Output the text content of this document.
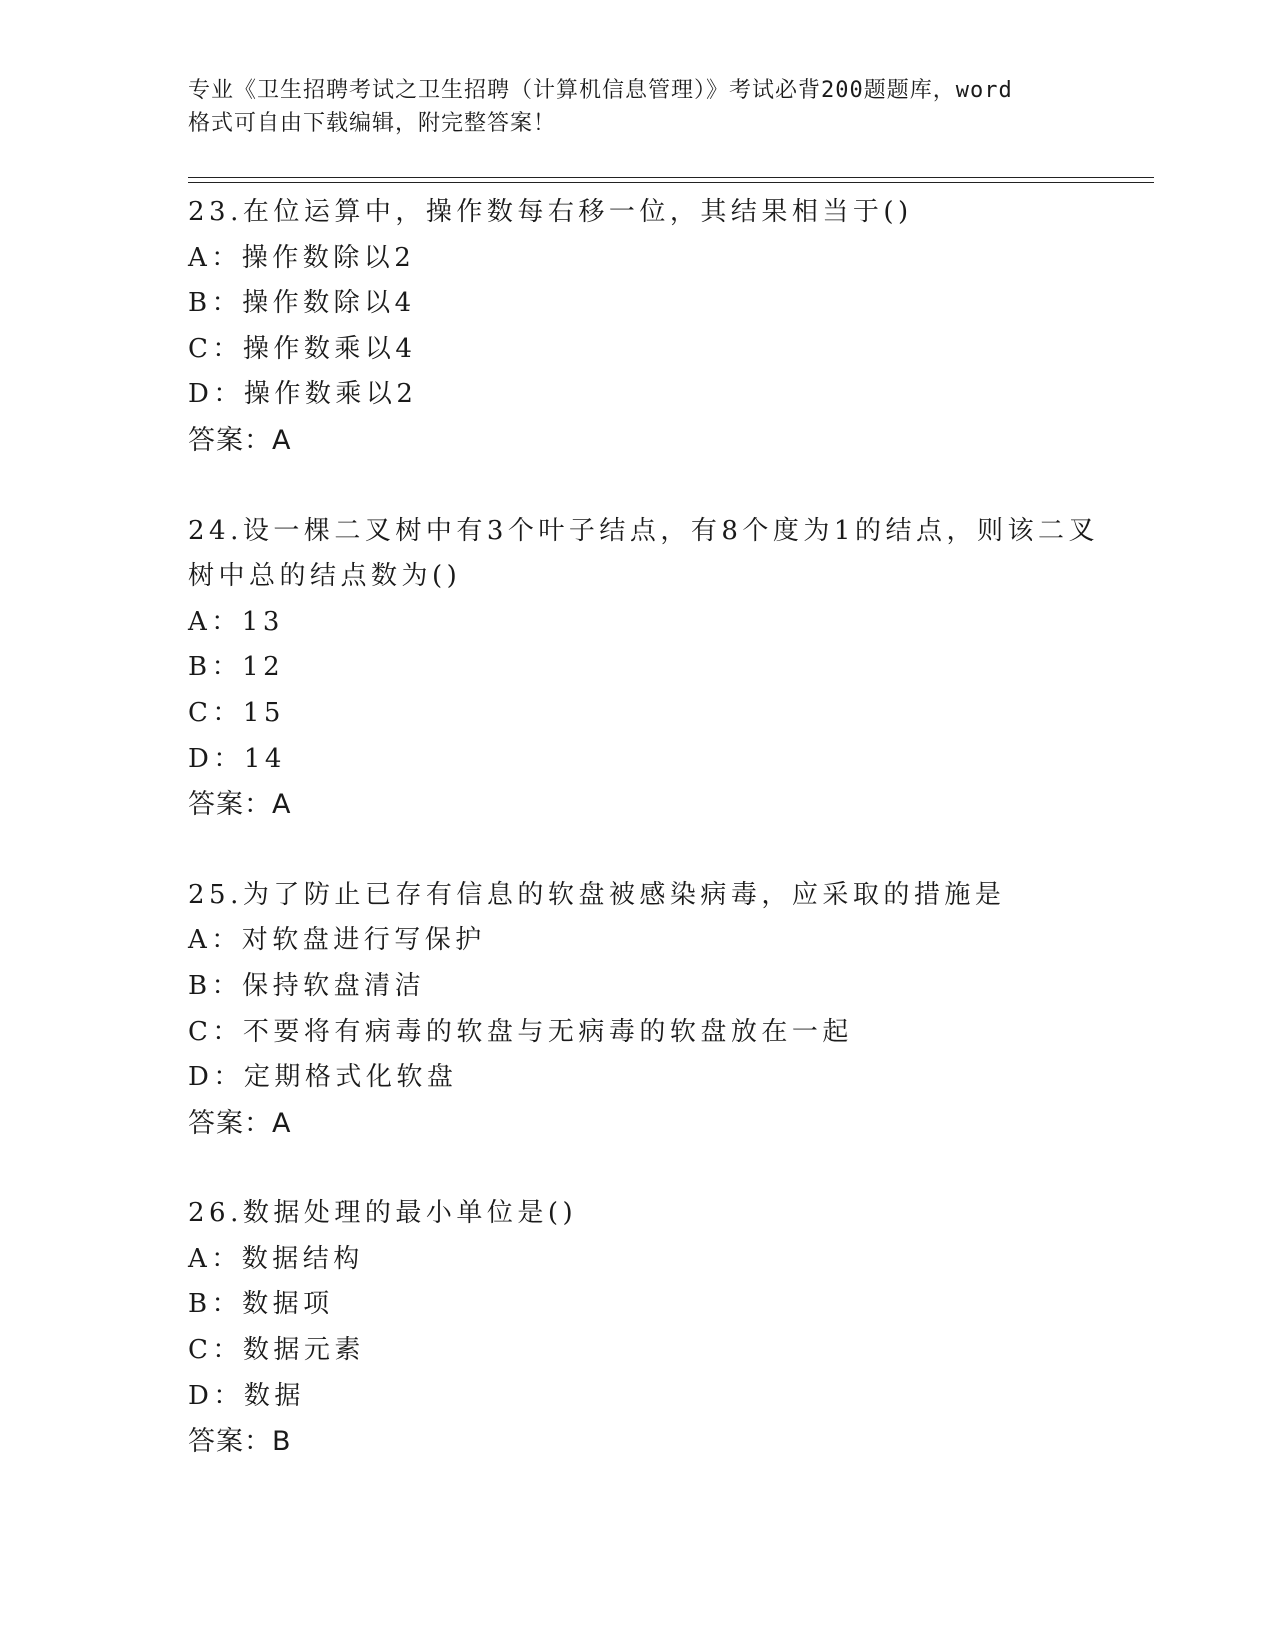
专业《卫生招聘考试之卫生招聘（计算机信息管理）》考试必背200题题库，word
格式可自由下载编辑，附完整答案！
23.在位运算中，操作数每右移一位，其结果相当于()
A：操作数除以2
B：操作数除以4
C：操作数乘以4
D：操作数乘以2
答案：A
24.设一棵二叉树中有3个叶子结点，有8个度为1的结点，则该二叉
树中总的结点数为()
A：13
B：12
C：15
D：14
答案：A
25.为了防止已存有信息的软盘被感染病毒，应采取的措施是
A：对软盘进行写保护
B：保持软盘清洁
C：不要将有病毒的软盘与无病毒的软盘放在一起
D：定期格式化软盘
答案：A
26.数据处理的最小单位是()
A：数据结构
B：数据项
C：数据元素
D：数据
答案：B
